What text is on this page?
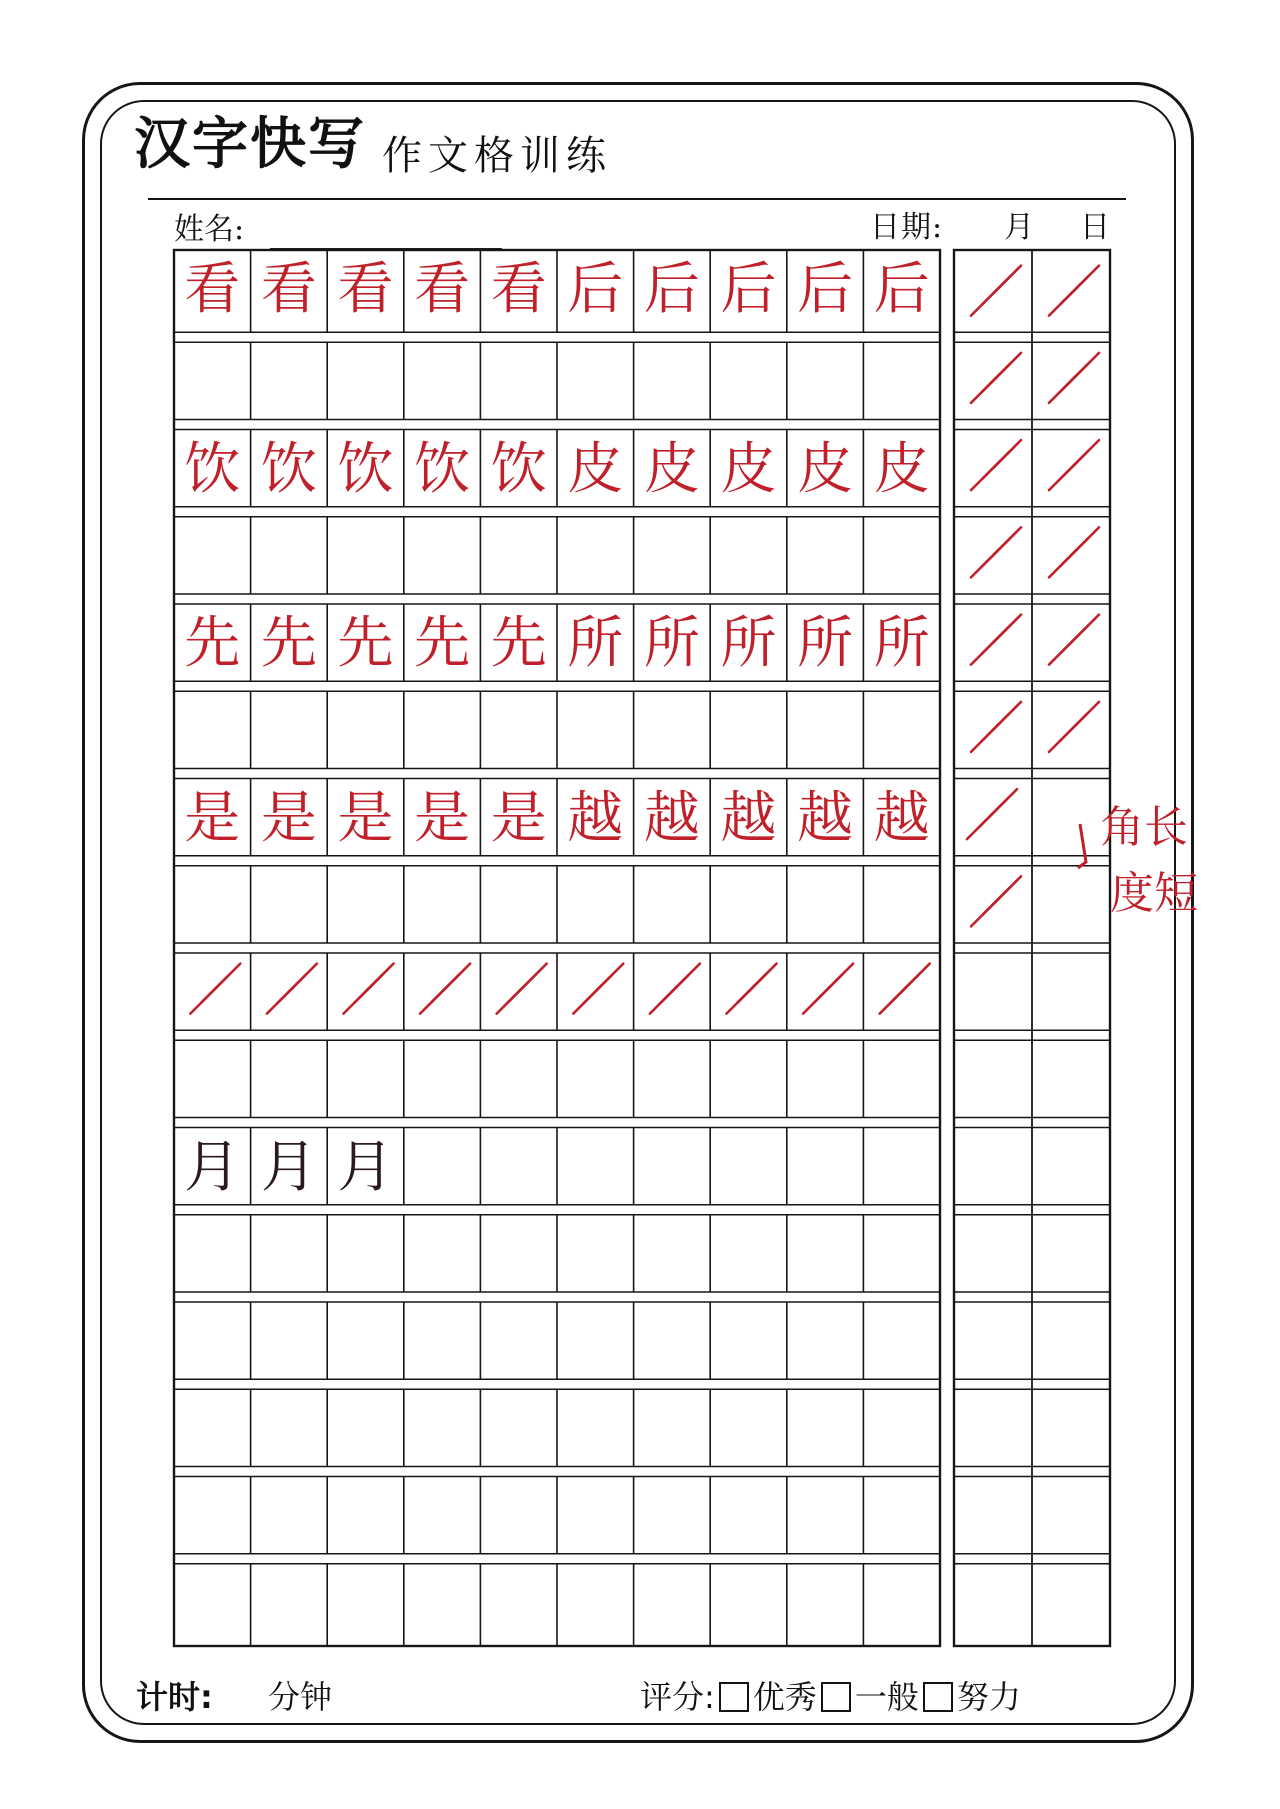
汉字快写 作文格训练
姓名:	日期: 月 日
看 看 看 看 看 后 后 后 后 后
饮 饮 饮 饮 饮 皮 皮 皮 皮 皮
先 先 先 先 先 所 所 所 所 所
是 是 是 是 是 越 越 越 越 越
月 月 月
角长
度短
计时: 分钟	评分: 优秀 一般 努力
